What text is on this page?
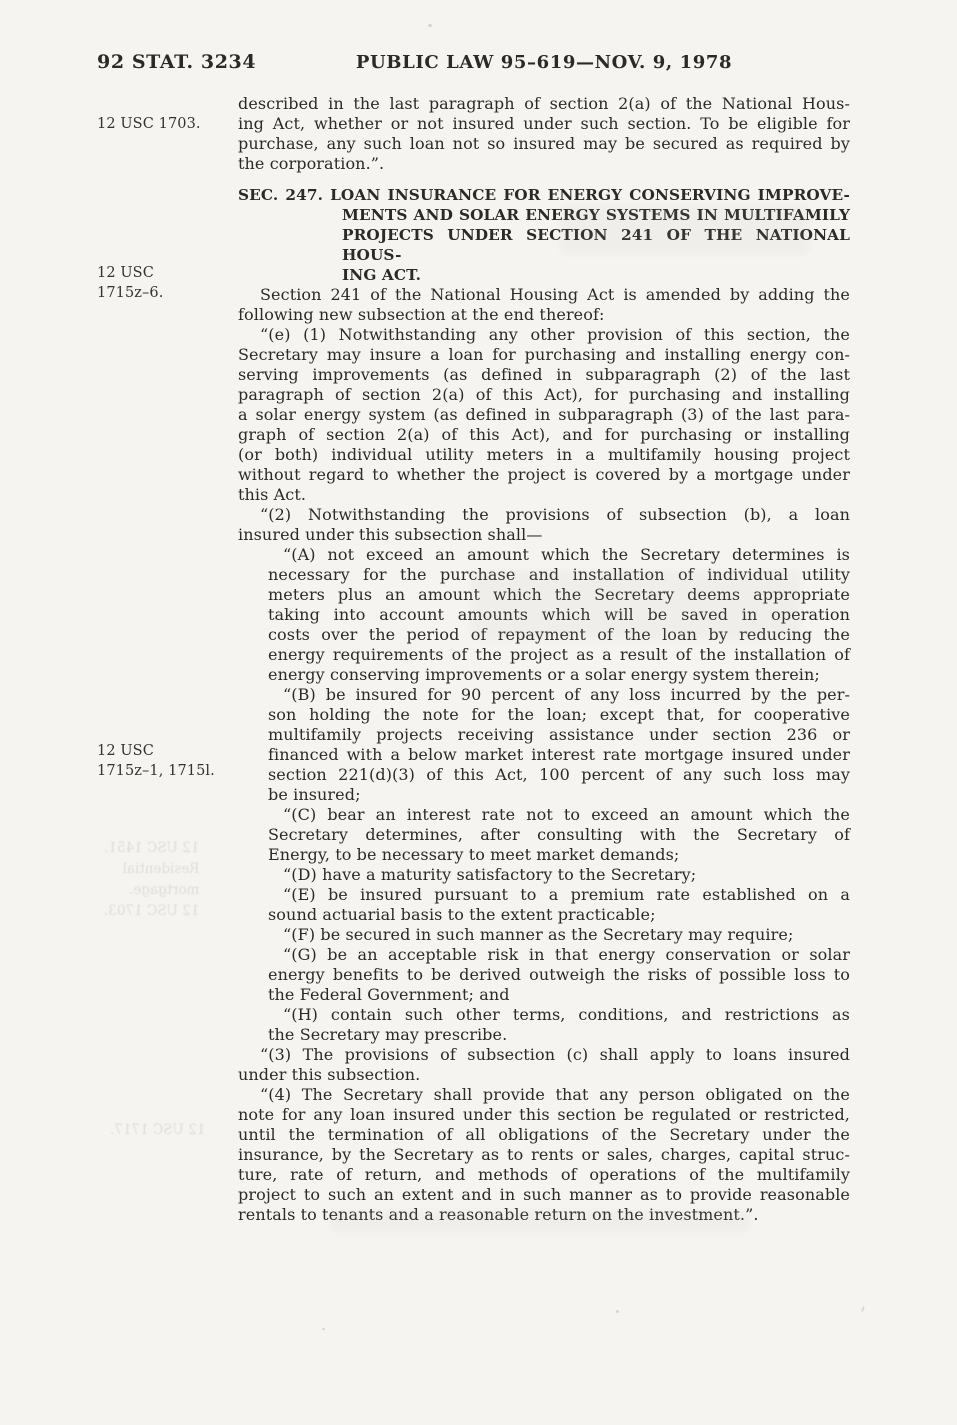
92 STAT. 3234	PUBLIC LAW 95–619—NOV. 9, 1978
12 USC 1703.
12 USC
1715z–6.
12 USC
1715z–1, 1715l.
described in the last paragraph of section 2(a) of the National Hous-
ing Act, whether or not insured under such section. To be eligible for
purchase, any such loan not so insured may be secured as required by
the corporation.”.
SEC. 247. LOAN INSURANCE FOR ENERGY CONSERVING IMPROVE-
MENTS AND SOLAR ENERGY SYSTEMS IN MULTIFAMILY
PROJECTS UNDER SECTION 241 OF THE NATIONAL HOUS-
ING ACT.
Section 241 of the National Housing Act is amended by adding the
following new subsection at the end thereof:
“(e) (1) Notwithstanding any other provision of this section, the
Secretary may insure a loan for purchasing and installing energy con-
serving improvements (as defined in subparagraph (2) of the last
paragraph of section 2(a) of this Act), for purchasing and installing
a solar energy system (as defined in subparagraph (3) of the last para-
graph of section 2(a) of this Act), and for purchasing or installing
(or both) individual utility meters in a multifamily housing project
without regard to whether the project is covered by a mortgage under
this Act.
“(2) Notwithstanding the provisions of subsection (b), a loan
insured under this subsection shall—
“(A) not exceed an amount which the Secretary determines is
necessary for the purchase and installation of individual utility
meters plus an amount which the Secretary deems appropriate
taking into account amounts which will be saved in operation
costs over the period of repayment of the loan by reducing the
energy requirements of the project as a result of the installation of
energy conserving improvements or a solar energy system therein;
“(B) be insured for 90 percent of any loss incurred by the per-
son holding the note for the loan; except that, for cooperative
multifamily projects receiving assistance under section 236 or
financed with a below market interest rate mortgage insured under
section 221(d)(3) of this Act, 100 percent of any such loss may
be insured;
“(C) bear an interest rate not to exceed an amount which the
Secretary determines, after consulting with the Secretary of
Energy, to be necessary to meet market demands;
“(D) have a maturity satisfactory to the Secretary;
“(E) be insured pursuant to a premium rate established on a
sound actuarial basis to the extent practicable;
“(F) be secured in such manner as the Secretary may require;
“(G) be an acceptable risk in that energy conservation or solar
energy benefits to be derived outweigh the risks of possible loss to
the Federal Government; and
“(H) contain such other terms, conditions, and restrictions as
the Secretary may prescribe.
“(3) The provisions of subsection (c) shall apply to loans insured
under this subsection.
“(4) The Secretary shall provide that any person obligated on the
note for any loan insured under this section be regulated or restricted,
until the termination of all obligations of the Secretary under the
insurance, by the Secretary as to rents or sales, charges, capital struc-
ture, rate of return, and methods of operations of the multifamily
project to such an extent and in such manner as to provide reasonable
rentals to tenants and a reasonable return on the investment.”.
12 USC 1451.
Residential
mortgage.
12 USC 1703.
12 USC 1717.
